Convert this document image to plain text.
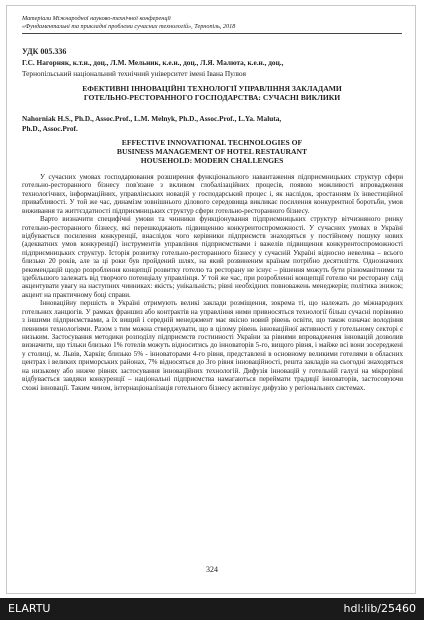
Матеріали Міжнародної науково-технічної конференції
«Фундаментальні та прикладні проблеми сучасних технологій», Тернопіль, 2018
УДК 005.336
Г.С. Нагорняк, к.т.н., доц., Л.М. Мельник, к.е.н., доц., Л.Я. Малюта, к.е.н., доц.,
Тернопільський національний технічний університет імені Івана Пулюя
ЕФЕКТИВНІ ІННОВАЦІЙНІ ТЕХНОЛОГІЇ УПРАВЛІННЯ ЗАКЛАДАМИ
ГОТЕЛЬНО-РЕСТОРАННОГО ГОСПОДАРСТВА: СУЧАСНІ ВИКЛИКИ
Nahorniak H.S., Ph.D., Assoc.Prof., L.M. Melnyk, Ph.D., Assoc.Prof., L.Ya. Maluta,
Ph.D., Assoc.Prof.
EFFECTIVE INNOVATIONAL TECHNOLOGIES OF
BUSINESS MANAGEMENT OF HOTEL RESTAURANT
HOUSEHOLD: MODERN CHALLENGES

У сучасних умовах господарювання розширення функціонального навантаження підприємницьких структур сфери готельно-ресторанного бізнесу пов'язане з вкливом глобалізаційних процесів, появою можливості впровадження технологічних, інформаційних, управлінських новацій у господарський процес і, як наслідок, зростанням їх інвестиційної привабливості. У той же час, динамізм зовнішнього ділового середовища викликає посилення конкурентної боротьби, умов виживання та життєздатності підприємницьких структур сфери готельно-ресторанного бізнесу.

Варто визначити специфічні умови та чинники функціонування підприємницьких структур вітчизняного ринку готельно-ресторанного бізнесу, які перешкоджають підвищенню конкурентоспроможності. У сучасних умовах в Україні відбувається посилення конкуренції, внаслідок чого керівники підприємств знаходяться у постійному пошуку нових (адекватних умов конкуренції) інструментів управління підприємствами і важелів підвищення конкурентоспроможності підприємницьких структур. Історія розвитку готельно-ресторанного бізнесу у сучасній Україні відносно невелика – всього близько 20 років, але за ці роки був пройдений шлях, на який розвиненим країнам потрібно десятиліття. Однозначних рекомендацій щодо розроблення концепції розвитку готелю та ресторану не існує – рішення можуть бути різноманітними та здебільшого залежать від творчого потенціалу управлінця. У той же час, при розробленні концепції готелю чи ресторану слід акцентувати увагу на наступних чинниках: якість; унікальність; рівні необхідних повноважень менеджерів; політика знижок; акцент на практичному боці справи.

Інноваційну першість в Україні отримують великі заклади розміщення, зокрема ті, що належать до міжнародних готельних ланцюгів. У рамках франшиз або контрактів на управління ними привносяться технології більш сучасні порівняно з іншими підприємствами, а їх вищий і середній менеджмент має якісно новий рівень освіти, що також означає володіння певними технологіями. Разом з тим можна стверджувати, що в цілому рівень інноваційної активності у готельному секторі є низьким. Застосування методики розподілу підприємств гостинності України за рівнями впровадження інновацій дозволив визначити, що тільки близько 1% готелів можуть відноситись до інноваторів 5-го, вищого рівня, і майже всі вони зосереджені у столиці, м. Львів, Харків; близько 5% - інноваторами 4-го рівня, представлені в основному великими готелями в обласних центрах і великих приморських районах, 7% відносяться до 3го рівня інноваційності, решта закладів на сьогодні знаходяться на низькому або нижче рівнях застосування інноваційних технологій. Дифузія інновацій у готельній галузі на мікрорівні відбувається завдяки конкуренції – національні підприємства намагаються переймати традиції інноваторів, застосовуючи схожі інновації. Таким чином, інтернаціоналізація готельного бізнесу активізує дифузію у регіональних системах.

324
ELARTU	hdl:lib/25460
